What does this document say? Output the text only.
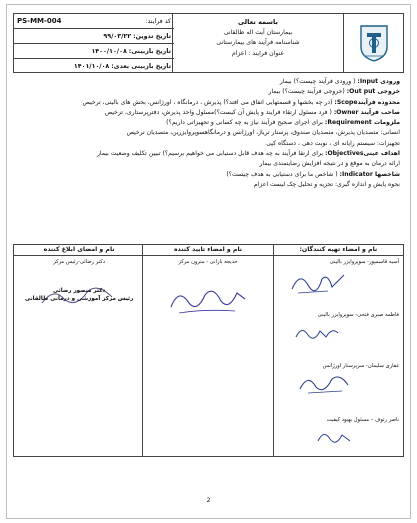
باسمه تعالی
بیمارستان آیت اله طالقانی
شناسنامه فرآیند های بیمارستانی
عنوان فرایند : اعزام
کد فرایند:
PS-MM-004
تاریخ تدوین:
۹۹/۰۳/۲۲
تاریخ بازبینی:
۱۴۰۰/۱۰/۰۸
تاریخ بازبینی بعدی:
۱۴۰۱/۱۰/۰۸

ورودی Input: ( ورودی فرآیند چیست؟) بیمار

خروجی Out put: (خروجی فرآیند چیست؟) بیمار

محدوده فرآیندScope: (در چه بخشها و قسمتهایی اتفاق می افتد؟) پذیرش ، درمانگاه ، اورژانس، بخش های بالینی، ترخیص

صاحب فرآیند Owner: ( فرد مسئول ارتقاء فرایند و پایش آن کیست؟)مسئول واحد پذیرش، دفترپرستاری، ترخیص

ملزومات Requirement: برای اجرای صحیح فرآیند نیاز به چه کسانی و تجهیزاتی داریم؟)

انسانی: متصدیان پذیرش، متصدیان صندوق، پرستار تریاژ، اورژانس و درمانگاهسوپروایزرین، متصدیان ترخیص

تجهیزات: سیستم رایانه ای ، نوبت دهی ، دستگاه کپی

اهداف عینیObjectives: برای ارتقا فرآیند به چه هدف قابل دستیابی می خواهیم برسیم؟) تبیین تکلیف وضعیت بیمار

ارائه درمان به موقع و در نتیجه افزایش رضایتمندی بیمار

شاخصها Indicator: ( شاخص ما برای دستیابی به هدف چیست؟)

نحوه پایش و اندازه گیری: تجزیه و تحلیل چک لیست اعزام

نام و امضاء تهیه کنندگان:
آسیه قاسمپور- سوپروایزر بالینی
فاطمه صبری فتحی- سوپروایزر بالینی
غفاری سلیمان- سرپرستار اورژانس
ناصر رئوف – مسئول بهبود کیفیت
نام و امضاء تایید کننده
خدیجه بازانی - مترون مرکز
نام و امضای ابلاغ کننده
دکتر رضائی-رئیس مرکز
دکتر منصور رضائی
رئیس مرکز آموزشی و درمانی طالقانی
2
